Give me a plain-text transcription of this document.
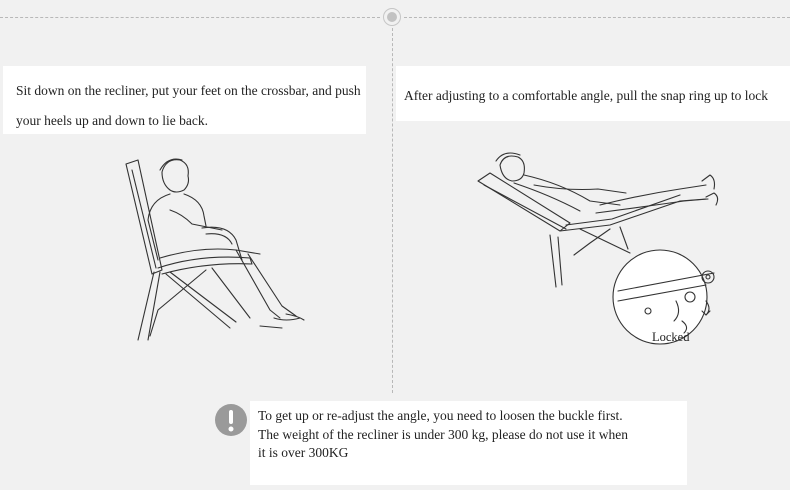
Sit down on the recliner, put your feet on the crossbar, and push

your heels up and down to lie back.

After adjusting to a comfortable angle, pull the snap ring up to lock

Locked

To get up or re-adjust the angle, you need to loosen the buckle first.

The weight of the recliner is under 300 kg, please do not use it when

it is over 300KG
